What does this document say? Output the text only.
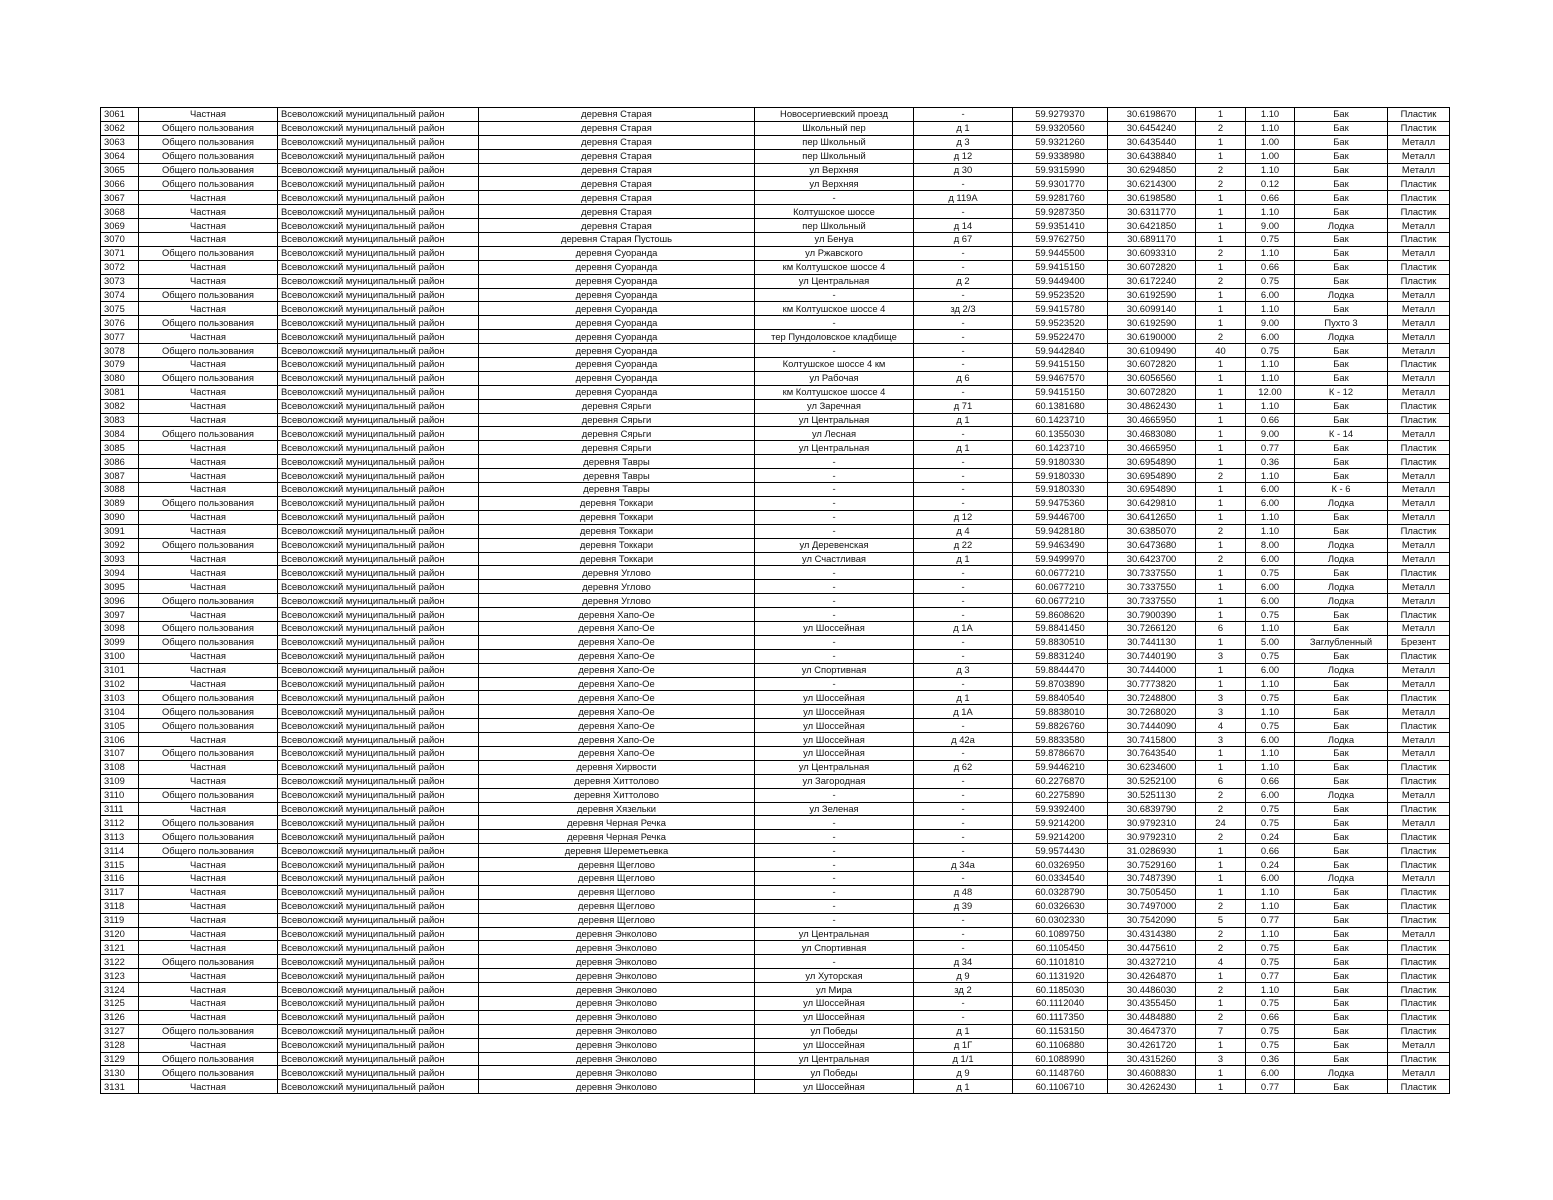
3061	Частная	Всеволожский муниципальный район	деревня Старая	Новосергиевский проезд	-	59.9279370	30.6198670	1	1.10	Бак	Пластик
3062	Общего пользования	Всеволожский муниципальный район	деревня Старая	Школьный пер	д 1	59.9320560	30.6454240	2	1.10	Бак	Пластик
3063	Общего пользования	Всеволожский муниципальный район	деревня Старая	пер Школьный	д 3	59.9321260	30.6435440	1	1.00	Бак	Металл
3064	Общего пользования	Всеволожский муниципальный район	деревня Старая	пер Школьный	д 12	59.9338980	30.6438840	1	1.00	Бак	Металл
3065	Общего пользования	Всеволожский муниципальный район	деревня Старая	ул Верхняя	д 30	59.9315990	30.6294850	2	1.10	Бак	Металл
3066	Общего пользования	Всеволожский муниципальный район	деревня Старая	ул Верхняя	-	59.9301770	30.6214300	2	0.12	Бак	Пластик
3067	Частная	Всеволожский муниципальный район	деревня Старая	-	д 119А	59.9281760	30.6198580	1	0.66	Бак	Пластик
3068	Частная	Всеволожский муниципальный район	деревня Старая	Колтушское шоссе	-	59.9287350	30.6311770	1	1.10	Бак	Пластик
3069	Частная	Всеволожский муниципальный район	деревня Старая	пер Школьный	д 14	59.9351410	30.6421850	1	9.00	Лодка	Металл
3070	Частная	Всеволожский муниципальный район	деревня Старая Пустошь	ул Бенуа	д 67	59.9762750	30.6891170	1	0.75	Бак	Пластик
3071	Общего пользования	Всеволожский муниципальный район	деревня Суоранда	ул Ржавского	-	59.9445500	30.6093310	2	1.10	Бак	Металл
3072	Частная	Всеволожский муниципальный район	деревня Суоранда	км Колтушское шоссе 4	-	59.9415150	30.6072820	1	0.66	Бак	Пластик
3073	Частная	Всеволожский муниципальный район	деревня Суоранда	ул Центральная	д 2	59.9449400	30.6172240	2	0.75	Бак	Пластик
3074	Общего пользования	Всеволожский муниципальный район	деревня Суоранда	-	-	59.9523520	30.6192590	1	6.00	Лодка	Металл
3075	Частная	Всеволожский муниципальный район	деревня Суоранда	км Колтушское шоссе 4	зд 2/3	59.9415780	30.6099140	1	1.10	Бак	Металл
3076	Общего пользования	Всеволожский муниципальный район	деревня Суоранда	-	-	59.9523520	30.6192590	1	9.00	Пухто 3	Металл
3077	Частная	Всеволожский муниципальный район	деревня Суоранда	тер Пундоловское кладбище	-	59.9522470	30.6190000	2	6.00	Лодка	Металл
3078	Общего пользования	Всеволожский муниципальный район	деревня Суоранда	-	-	59.9442840	30.6109490	40	0.75	Бак	Металл
3079	Частная	Всеволожский муниципальный район	деревня Суоранда	Колтушское шоссе 4 км	-	59.9415150	30.6072820	1	1.10	Бак	Пластик
3080	Общего пользования	Всеволожский муниципальный район	деревня Суоранда	ул Рабочая	д 6	59.9467570	30.6056560	1	1.10	Бак	Металл
3081	Частная	Всеволожский муниципальный район	деревня Суоранда	км Колтушское шоссе 4	-	59.9415150	30.6072820	1	12.00	К - 12	Металл
3082	Частная	Всеволожский муниципальный район	деревня Сярьги	ул Заречная	д 71	60.1381680	30.4862430	1	1.10	Бак	Пластик
3083	Частная	Всеволожский муниципальный район	деревня Сярьги	ул Центральная	д 1	60.1423710	30.4665950	1	0.66	Бак	Пластик
3084	Общего пользования	Всеволожский муниципальный район	деревня Сярьги	ул Лесная	-	60.1355030	30.4683080	1	9.00	К - 14	Металл
3085	Частная	Всеволожский муниципальный район	деревня Сярьги	ул Центральная	д 1	60.1423710	30.4665950	1	0.77	Бак	Пластик
3086	Частная	Всеволожский муниципальный район	деревня Тавры	-	-	59.9180330	30.6954890	1	0.36	Бак	Пластик
3087	Частная	Всеволожский муниципальный район	деревня Тавры	-	-	59.9180330	30.6954890	2	1.10	Бак	Металл
3088	Частная	Всеволожский муниципальный район	деревня Тавры	-	-	59.9180330	30.6954890	1	6.00	К - 6	Металл
3089	Общего пользования	Всеволожский муниципальный район	деревня Токкари	-	-	59.9475360	30.6429810	1	6.00	Лодка	Металл
3090	Частная	Всеволожский муниципальный район	деревня Токкари	-	д 12	59.9446700	30.6412650	1	1.10	Бак	Металл
3091	Частная	Всеволожский муниципальный район	деревня Токкари	-	д 4	59.9428180	30.6385070	2	1.10	Бак	Пластик
3092	Общего пользования	Всеволожский муниципальный район	деревня Токкари	ул Деревенская	д 22	59.9463490	30.6473680	1	8.00	Лодка	Металл
3093	Частная	Всеволожский муниципальный район	деревня Токкари	ул Счастливая	д 1	59.9499970	30.6423700	2	6.00	Лодка	Металл
3094	Частная	Всеволожский муниципальный район	деревня Углово	-	-	60.0677210	30.7337550	1	0.75	Бак	Пластик
3095	Частная	Всеволожский муниципальный район	деревня Углово	-	-	60.0677210	30.7337550	1	6.00	Лодка	Металл
3096	Общего пользования	Всеволожский муниципальный район	деревня Углово	-	-	60.0677210	30.7337550	1	6.00	Лодка	Металл
3097	Частная	Всеволожский муниципальный район	деревня Хапо-Ое	-	-	59.8608620	30.7900390	1	0.75	Бак	Пластик
3098	Общего пользования	Всеволожский муниципальный район	деревня Хапо-Ое	ул Шоссейная	д 1А	59.8841450	30.7266120	6	1.10	Бак	Металл
3099	Общего пользования	Всеволожский муниципальный район	деревня Хапо-Ое	-	-	59.8830510	30.7441130	1	5.00	Заглубленный	Брезент
3100	Частная	Всеволожский муниципальный район	деревня Хапо-Ое	-	-	59.8831240	30.7440190	3	0.75	Бак	Пластик
3101	Частная	Всеволожский муниципальный район	деревня Хапо-Ое	ул Спортивная	д 3	59.8844470	30.7444000	1	6.00	Лодка	Металл
3102	Частная	Всеволожский муниципальный район	деревня Хапо-Ое	-	-	59.8703890	30.7773820	1	1.10	Бак	Металл
3103	Общего пользования	Всеволожский муниципальный район	деревня Хапо-Ое	ул Шоссейная	д 1	59.8840540	30.7248800	3	0.75	Бак	Пластик
3104	Общего пользования	Всеволожский муниципальный район	деревня Хапо-Ое	ул Шоссейная	д 1А	59.8838010	30.7268020	3	1.10	Бак	Металл
3105	Общего пользования	Всеволожский муниципальный район	деревня Хапо-Ое	ул Шоссейная	-	59.8826760	30.7444090	4	0.75	Бак	Пластик
3106	Частная	Всеволожский муниципальный район	деревня Хапо-Ое	ул Шоссейная	д 42а	59.8833580	30.7415800	3	6.00	Лодка	Металл
3107	Общего пользования	Всеволожский муниципальный район	деревня Хапо-Ое	ул Шоссейная	-	59.8786670	30.7643540	1	1.10	Бак	Металл
3108	Частная	Всеволожский муниципальный район	деревня Хирвости	ул Центральная	д 62	59.9446210	30.6234600	1	1.10	Бак	Пластик
3109	Частная	Всеволожский муниципальный район	деревня Хиттолово	ул Загородная	-	60.2276870	30.5252100	6	0.66	Бак	Пластик
3110	Общего пользования	Всеволожский муниципальный район	деревня Хиттолово	-	-	60.2275890	30.5251130	2	6.00	Лодка	Металл
3111	Частная	Всеволожский муниципальный район	деревня Хязельки	ул Зеленая	-	59.9392400	30.6839790	2	0.75	Бак	Пластик
3112	Общего пользования	Всеволожский муниципальный район	деревня Черная Речка	-	-	59.9214200	30.9792310	24	0.75	Бак	Металл
3113	Общего пользования	Всеволожский муниципальный район	деревня Черная Речка	-	-	59.9214200	30.9792310	2	0.24	Бак	Пластик
3114	Общего пользования	Всеволожский муниципальный район	деревня Шереметьевка	-	-	59.9574430	31.0286930	1	0.66	Бак	Пластик
3115	Частная	Всеволожский муниципальный район	деревня Щеглово	-	д 34а	60.0326950	30.7529160	1	0.24	Бак	Пластик
3116	Частная	Всеволожский муниципальный район	деревня Щеглово	-	-	60.0334540	30.7487390	1	6.00	Лодка	Металл
3117	Частная	Всеволожский муниципальный район	деревня Щеглово	-	д 48	60.0328790	30.7505450	1	1.10	Бак	Пластик
3118	Частная	Всеволожский муниципальный район	деревня Щеглово	-	д 39	60.0326630	30.7497000	2	1.10	Бак	Пластик
3119	Частная	Всеволожский муниципальный район	деревня Щеглово	-	-	60.0302330	30.7542090	5	0.77	Бак	Пластик
3120	Частная	Всеволожский муниципальный район	деревня Энколово	ул Центральная	-	60.1089750	30.4314380	2	1.10	Бак	Металл
3121	Частная	Всеволожский муниципальный район	деревня Энколово	ул Спортивная	-	60.1105450	30.4475610	2	0.75	Бак	Пластик
3122	Общего пользования	Всеволожский муниципальный район	деревня Энколово	-	д 34	60.1101810	30.4327210	4	0.75	Бак	Пластик
3123	Частная	Всеволожский муниципальный район	деревня Энколово	ул Хуторская	д 9	60.1131920	30.4264870	1	0.77	Бак	Пластик
3124	Частная	Всеволожский муниципальный район	деревня Энколово	ул Мира	зд 2	60.1185030	30.4486030	2	1.10	Бак	Пластик
3125	Частная	Всеволожский муниципальный район	деревня Энколово	ул Шоссейная	-	60.1112040	30.4355450	1	0.75	Бак	Пластик
3126	Частная	Всеволожский муниципальный район	деревня Энколово	ул Шоссейная	-	60.1117350	30.4484880	2	0.66	Бак	Пластик
3127	Общего пользования	Всеволожский муниципальный район	деревня Энколово	ул Победы	д 1	60.1153150	30.4647370	7	0.75	Бак	Пластик
3128	Частная	Всеволожский муниципальный район	деревня Энколово	ул Шоссейная	д 1Г	60.1106880	30.4261720	1	0.75	Бак	Металл
3129	Общего пользования	Всеволожский муниципальный район	деревня Энколово	ул Центральная	д 1/1	60.1088990	30.4315260	3	0.36	Бак	Пластик
3130	Общего пользования	Всеволожский муниципальный район	деревня Энколово	ул Победы	д 9	60.1148760	30.4608830	1	6.00	Лодка	Металл
3131	Частная	Всеволожский муниципальный район	деревня Энколово	ул Шоссейная	д 1	60.1106710	30.4262430	1	0.77	Бак	Пластик
